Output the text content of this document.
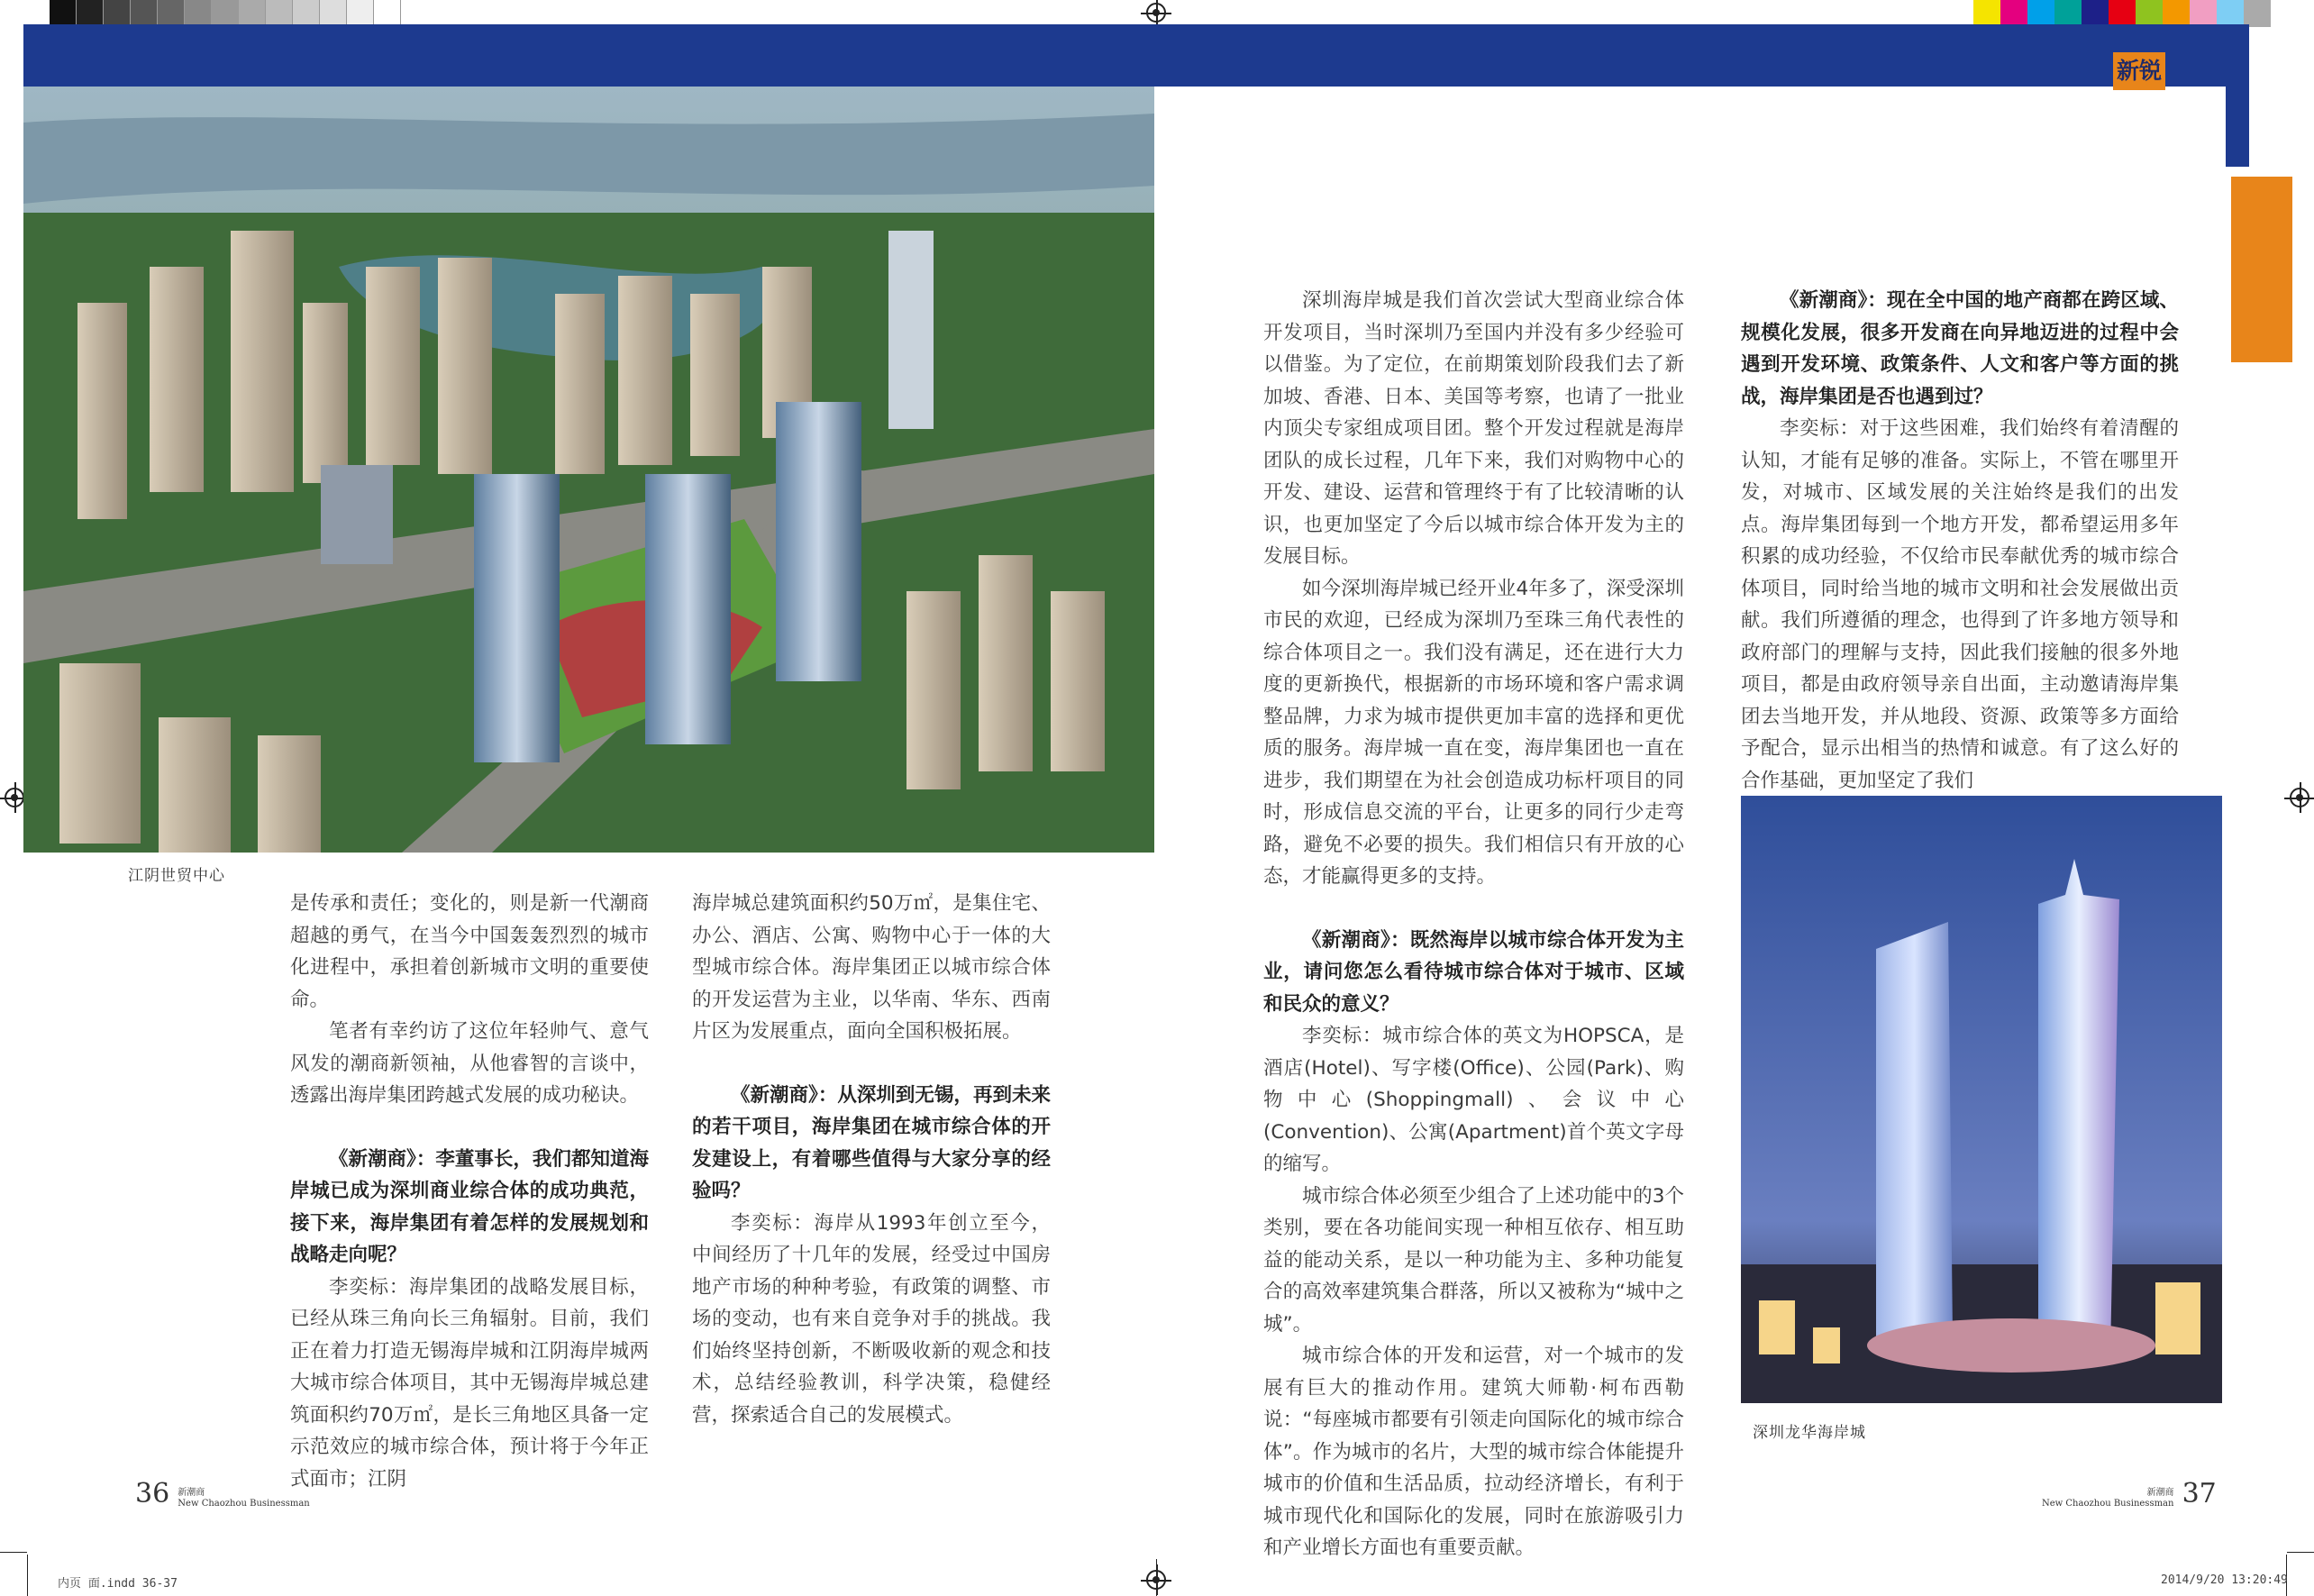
新锐
江阴世贸中心
深圳龙华海岸城

是传承和责任；变化的，则是新一代潮商超越的勇气，在当今中国轰轰烈烈的城市化进程中，承担着创新城市文明的重要使命。

笔者有幸约访了这位年轻帅气、意气风发的潮商新领袖，从他睿智的言谈中，透露出海岸集团跨越式发展的成功秘诀。

《新潮商》：李董事长，我们都知道海岸城已成为深圳商业综合体的成功典范，接下来，海岸集团有着怎样的发展规划和战略走向呢？

李奕标：海岸集团的战略发展目标，已经从珠三角向长三角辐射。目前，我们正在着力打造无锡海岸城和江阴海岸城两大城市综合体项目，其中无锡海岸城总建筑面积约70万㎡，是长三角地区具备一定示范效应的城市综合体，预计将于今年正式面市；江阴

海岸城总建筑面积约50万㎡，是集住宅、办公、酒店、公寓、购物中心于一体的大型城市综合体。海岸集团正以城市综合体的开发运营为主业，以华南、华东、西南片区为发展重点，面向全国积极拓展。

《新潮商》：从深圳到无锡，再到未来的若干项目，海岸集团在城市综合体的开发建设上，有着哪些值得与大家分享的经验吗？

李奕标：海岸从1993年创立至今，中间经历了十几年的发展，经受过中国房地产市场的种种考验，有政策的调整、市场的变动，也有来自竞争对手的挑战。我们始终坚持创新，不断吸收新的观念和技术，总结经验教训，科学决策，稳健经营，探索适合自己的发展模式。

深圳海岸城是我们首次尝试大型商业综合体开发项目，当时深圳乃至国内并没有多少经验可以借鉴。为了定位，在前期策划阶段我们去了新加坡、香港、日本、美国等考察，也请了一批业内顶尖专家组成项目团。整个开发过程就是海岸团队的成长过程，几年下来，我们对购物中心的开发、建设、运营和管理终于有了比较清晰的认识，也更加坚定了今后以城市综合体开发为主的发展目标。

如今深圳海岸城已经开业4年多了，深受深圳市民的欢迎，已经成为深圳乃至珠三角代表性的综合体项目之一。我们没有满足，还在进行大力度的更新换代，根据新的市场环境和客户需求调整品牌，力求为城市提供更加丰富的选择和更优质的服务。海岸城一直在变，海岸集团也一直在进步，我们期望在为社会创造成功标杆项目的同时，形成信息交流的平台，让更多的同行少走弯路，避免不必要的损失。我们相信只有开放的心态，才能赢得更多的支持。

《新潮商》：既然海岸以城市综合体开发为主业，请问您怎么看待城市综合体对于城市、区域和民众的意义？

李奕标：城市综合体的英文为HOPSCA，是酒店(Hotel)、写字楼(Office)、公园(Park)、购物中心(Shoppingmall)、会议中心(Convention)、公寓(Apartment)首个英文字母的缩写。

城市综合体必须至少组合了上述功能中的3个类别，要在各功能间实现一种相互依存、相互助益的能动关系，是以一种功能为主、多种功能复合的高效率建筑集合群落，所以又被称为“城中之城”。

城市综合体的开发和运营，对一个城市的发展有巨大的推动作用。建筑大师勒·柯布西勒说：“每座城市都要有引领走向国际化的城市综合体”。作为城市的名片，大型的城市综合体能提升城市的价值和生活品质，拉动经济增长，有利于城市现代化和国际化的发展，同时在旅游吸引力和产业增长方面也有重要贡献。

《新潮商》：现在全中国的地产商都在跨区域、规模化发展，很多开发商在向异地迈进的过程中会遇到开发环境、政策条件、人文和客户等方面的挑战，海岸集团是否也遇到过？

李奕标：对于这些困难，我们始终有着清醒的认知，才能有足够的准备。实际上，不管在哪里开发，对城市、区域发展的关注始终是我们的出发点。海岸集团每到一个地方开发，都希望运用多年积累的成功经验，不仅给市民奉献优秀的城市综合体项目，同时给当地的城市文明和社会发展做出贡献。我们所遵循的理念，也得到了许多地方领导和政府部门的理解与支持，因此我们接触的很多外地项目，都是由政府领导亲自出面，主动邀请海岸集团去当地开发，并从地段、资源、政策等多方面给予配合，显示出相当的热情和诚意。有了这么好的合作基础，更加坚定了我们

36 新潮商
New Chaozhou Businessman
新潮商
New Chaozhou Businessman 37
内页 面.indd 36-37	2014/9/20 13:20:49
